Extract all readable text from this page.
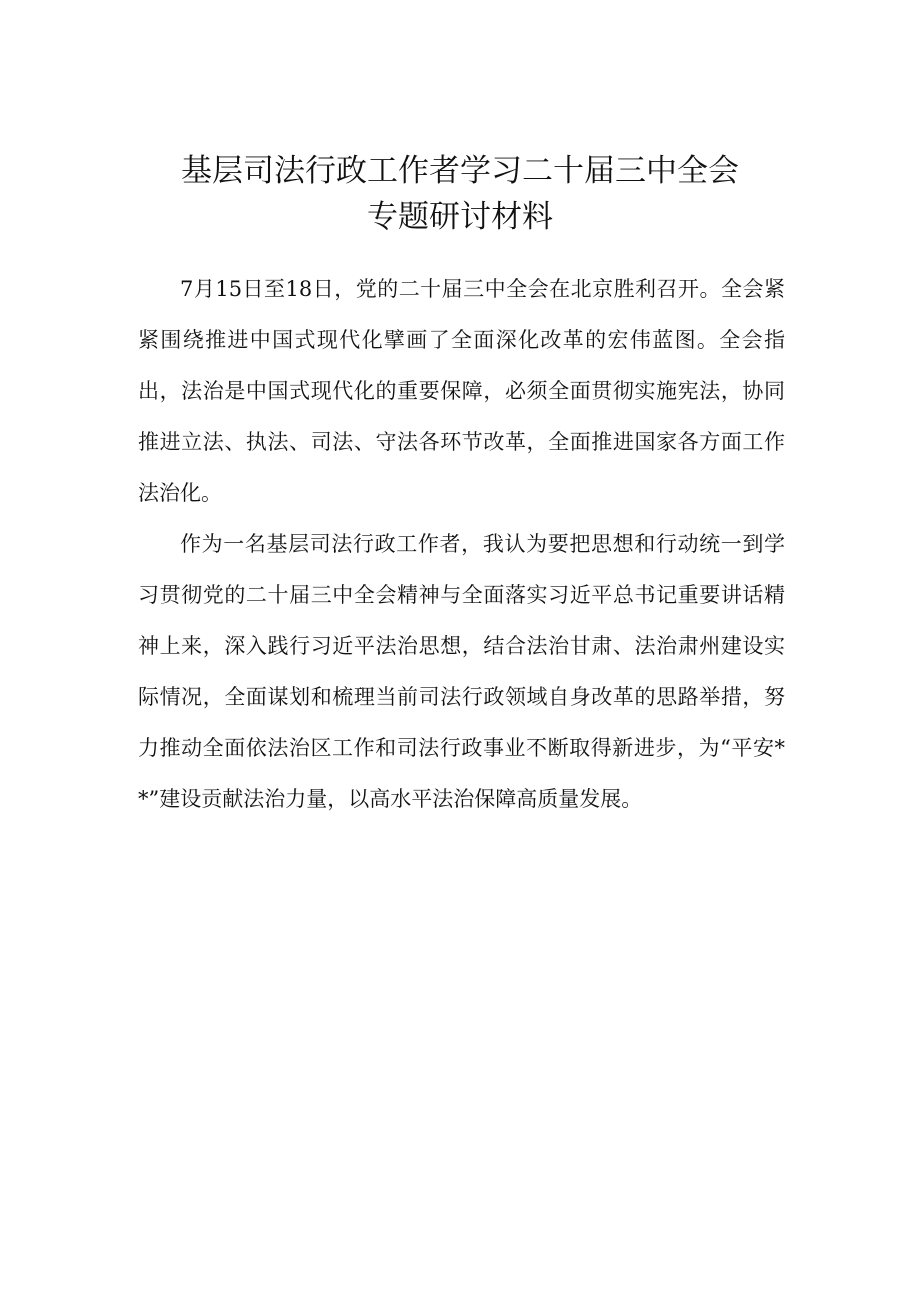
基层司法行政工作者学习二十届三中全会
专题研讨材料

7月15日至18日，党的二十届三中全会在北京胜利召开。全会紧紧围绕推进中国式现代化擘画了全面深化改革的宏伟蓝图。全会指出，法治是中国式现代化的重要保障，必须全面贯彻实施宪法，协同推进立法、执法、司法、守法各环节改革，全面推进国家各方面工作法治化。

作为一名基层司法行政工作者，我认为要把思想和行动统一到学习贯彻党的二十届三中全会精神与全面落实习近平总书记重要讲话精神上来，深入践行习近平法治思想，结合法治甘肃、法治肃州建设实际情况，全面谋划和梳理当前司法行政领域自身改革的思路举措，努力推动全面依法治区工作和司法行政事业不断取得新进步，为“平安**”建设贡献法治力量，以高水平法治保障高质量发展。
